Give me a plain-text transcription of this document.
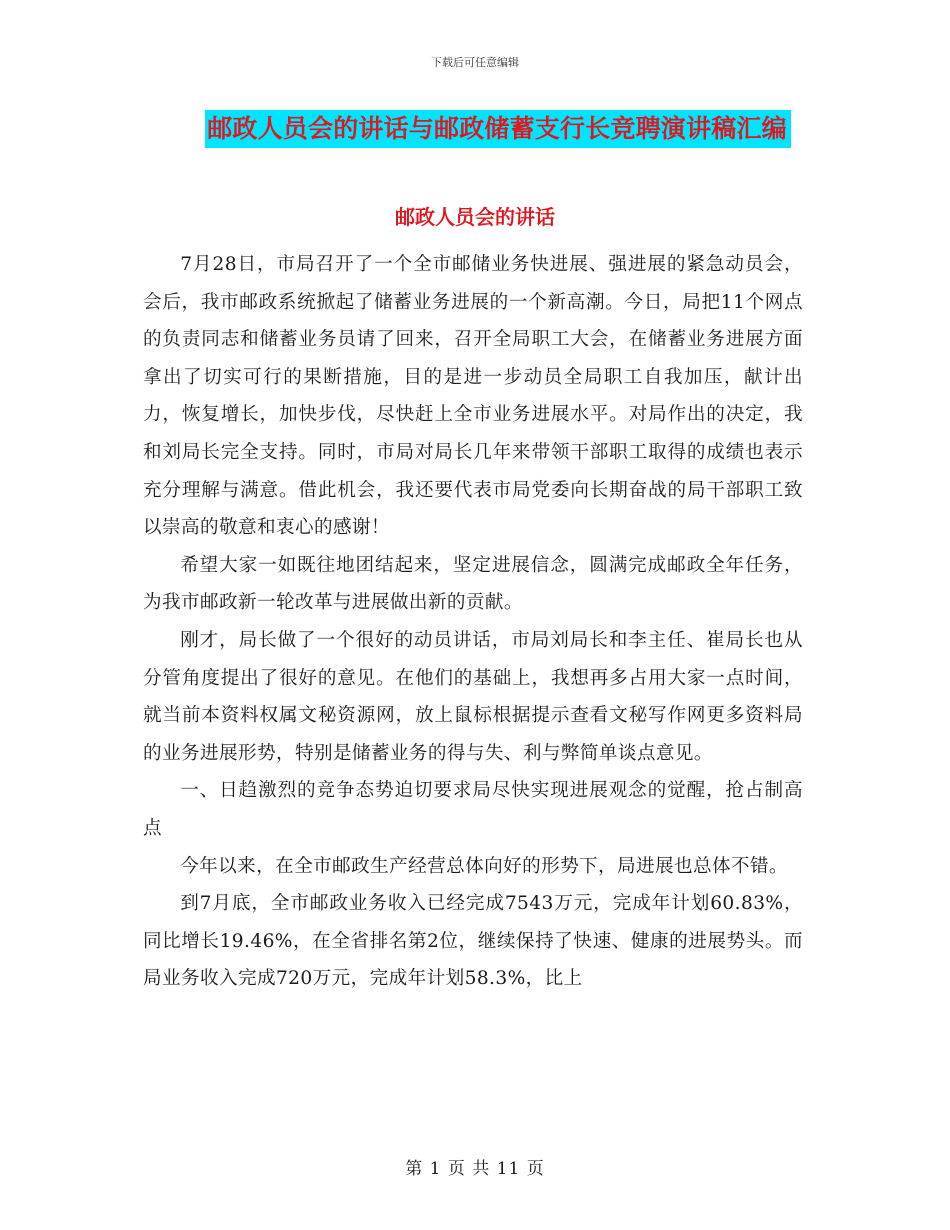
下载后可任意编辑
邮政人员会的讲话与邮政储蓄支行长竞聘演讲稿汇编
邮政人员会的讲话

7月28日，市局召开了一个全市邮储业务快进展、强进展的紧急动员会，会后，我市邮政系统掀起了储蓄业务进展的一个新高潮。今日，局把11个网点的负责同志和储蓄业务员请了回来，召开全局职工大会，在储蓄业务进展方面拿出了切实可行的果断措施，目的是进一步动员全局职工自我加压，献计出力，恢复增长，加快步伐，尽快赶上全市业务进展水平。对局作出的决定，我和刘局长完全支持。同时，市局对局长几年来带领干部职工取得的成绩也表示充分理解与满意。借此机会，我还要代表市局党委向长期奋战的局干部职工致以崇高的敬意和衷心的感谢！

希望大家一如既往地团结起来，坚定进展信念，圆满完成邮政全年任务，为我市邮政新一轮改革与进展做出新的贡献。

刚才，局长做了一个很好的动员讲话，市局刘局长和李主任、崔局长也从分管角度提出了很好的意见。在他们的基础上，我想再多占用大家一点时间，就当前本资料权属文秘资源网，放上鼠标根据提示查看文秘写作网更多资料局的业务进展形势，特别是储蓄业务的得与失、利与弊简单谈点意见。

一、日趋激烈的竞争态势迫切要求局尽快实现进展观念的觉醒，抢占制高点

今年以来，在全市邮政生产经营总体向好的形势下，局进展也总体不错。

到7月底，全市邮政业务收入已经完成7543万元，完成年计划60.83%，同比增长19.46%，在全省排名第2位，继续保持了快速、健康的进展势头。而局业务收入完成720万元，完成年计划58.3%，比上

第 1 页 共 11 页
